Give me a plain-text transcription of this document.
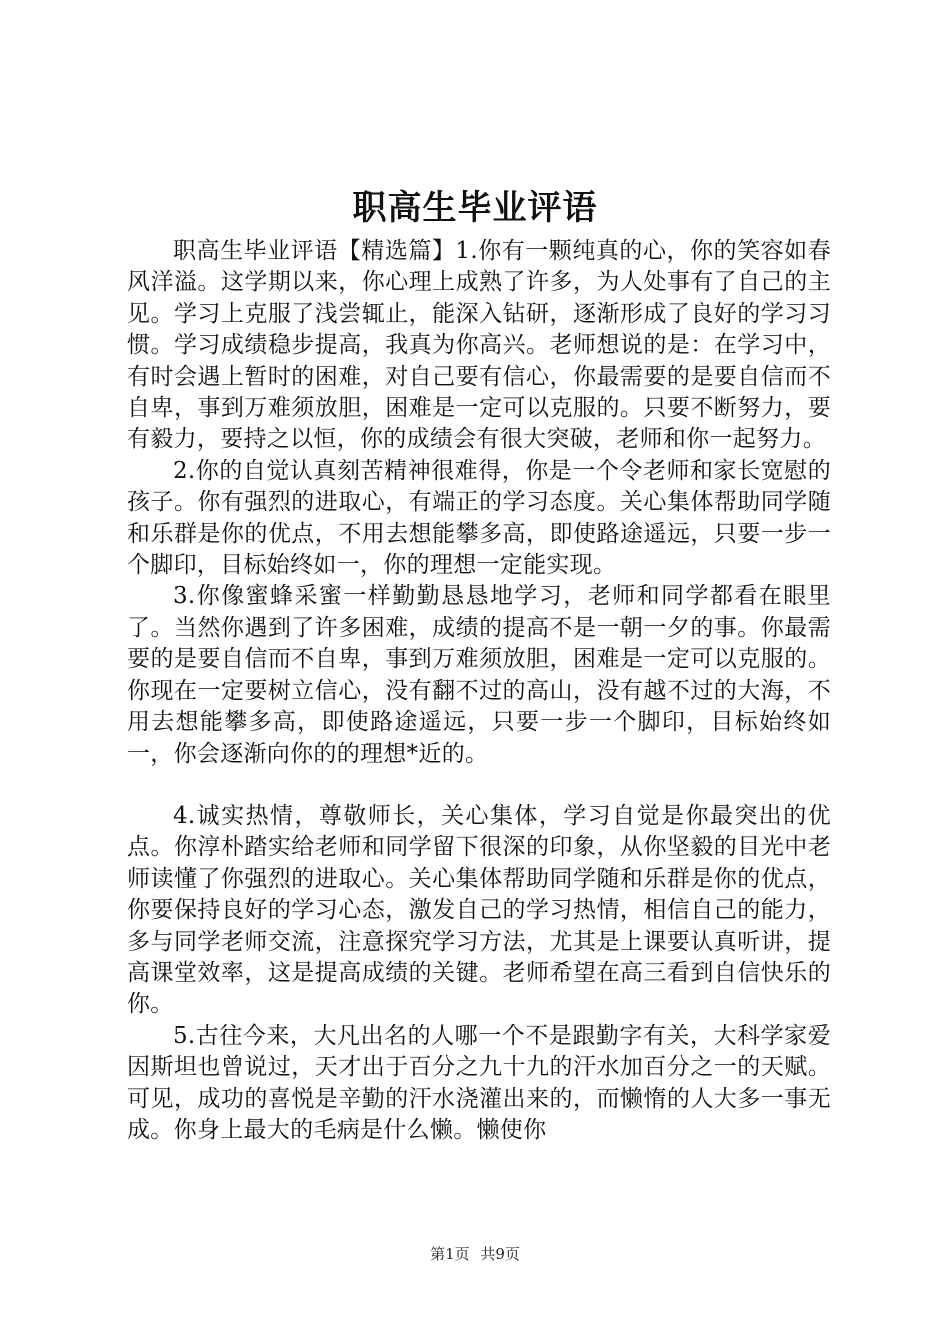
职高生毕业评语

职高生毕业评语【精选篇】1.你有一颗纯真的心，你的笑容如春风洋溢。这学期以来，你心理上成熟了许多，为人处事有了自己的主见。学习上克服了浅尝辄止，能深入钻研，逐渐形成了良好的学习习惯。学习成绩稳步提高，我真为你高兴。老师想说的是：在学习中，有时会遇上暂时的困难，对自己要有信心，你最需要的是要自信而不自卑，事到万难须放胆，困难是一定可以克服的。只要不断努力，要有毅力，要持之以恒，你的成绩会有很大突破，老师和你一起努力。

2.你的自觉认真刻苦精神很难得，你是一个令老师和家长宽慰的孩子。你有强烈的进取心，有端正的学习态度。关心集体帮助同学随和乐群是你的优点，不用去想能攀多高，即使路途遥远，只要一步一个脚印，目标始终如一，你的理想一定能实现。

3.你像蜜蜂采蜜一样勤勤恳恳地学习，老师和同学都看在眼里了。当然你遇到了许多困难，成绩的提高不是一朝一夕的事。你最需要的是要自信而不自卑，事到万难须放胆，困难是一定可以克服的。你现在一定要树立信心，没有翻不过的高山，没有越不过的大海，不用去想能攀多高，即使路途遥远，只要一步一个脚印，目标始终如一，你会逐渐向你的的理想*近的。

4.诚实热情，尊敬师长，关心集体，学习自觉是你最突出的优点。你淳朴踏实给老师和同学留下很深的印象，从你坚毅的目光中老师读懂了你强烈的进取心。关心集体帮助同学随和乐群是你的优点，你要保持良好的学习心态，激发自己的学习热情，相信自己的能力，多与同学老师交流，注意探究学习方法，尤其是上课要认真听讲，提高课堂效率，这是提高成绩的关键。老师希望在高三看到自信快乐的你。

5.古往今来，大凡出名的人哪一个不是跟勤字有关，大科学家爱因斯坦也曾说过，天才出于百分之九十九的汗水加百分之一的天赋。可见，成功的喜悦是辛勤的汗水浇灌出来的，而懒惰的人大多一事无成。你身上最大的毛病是什么懒。懒使你

第1页 共9页
